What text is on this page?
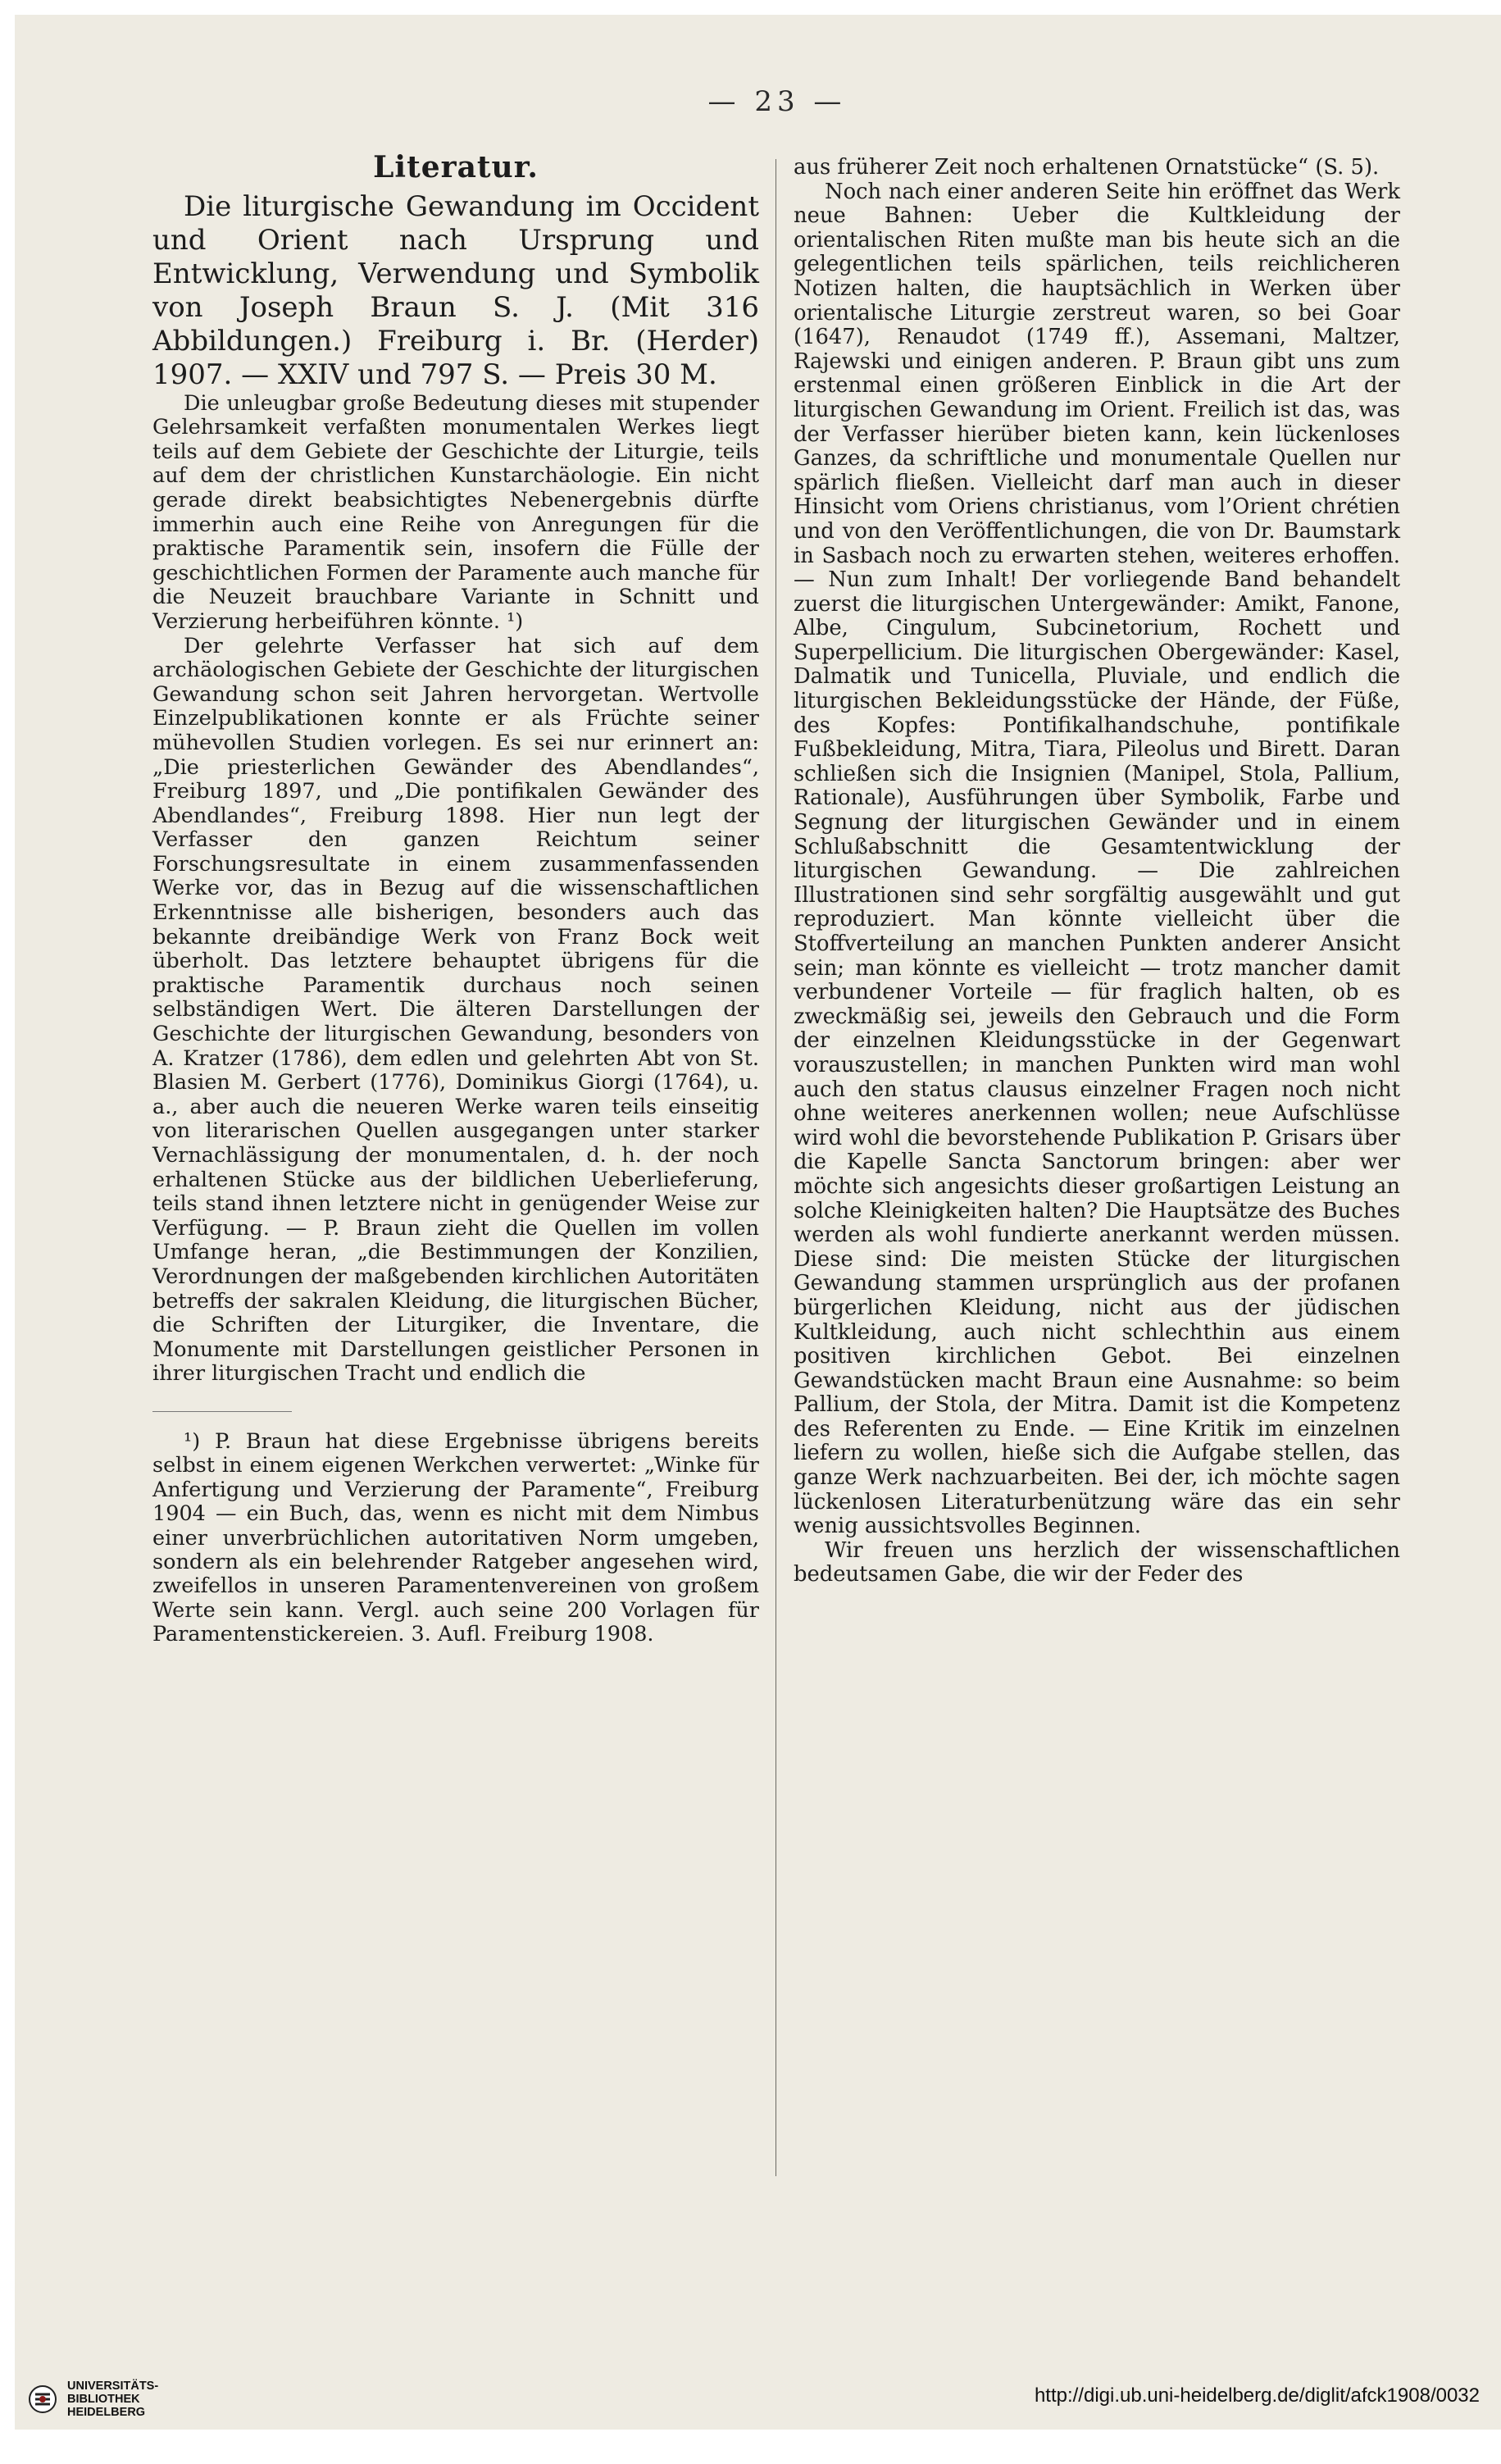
— 23 —
Literatur.

Die liturgische Gewandung im Occident und Orient nach Ursprung und Entwicklung, Verwendung und Symbolik von Joseph Braun S. J. (Mit 316 Abbildungen.) Freiburg i. Br. (Herder) 1907. — XXIV und 797 S. — Preis 30 M.

Die unleugbar große Bedeutung dieses mit stupender Gelehrsamkeit verfaßten monumentalen Werkes liegt teils auf dem Gebiete der Geschichte der Liturgie, teils auf dem der christlichen Kunstarchäologie. Ein nicht gerade direkt beabsichtigtes Nebenergebnis dürfte immerhin auch eine Reihe von Anregungen für die praktische Paramentik sein, insofern die Fülle der geschichtlichen Formen der Paramente auch manche für die Neuzeit brauchbare Variante in Schnitt und Verzierung herbeiführen könnte. ¹)

Der gelehrte Verfasser hat sich auf dem archäologischen Gebiete der Geschichte der liturgischen Gewandung schon seit Jahren hervorgetan. Wertvolle Einzelpublikationen konnte er als Früchte seiner mühevollen Studien vorlegen. Es sei nur erinnert an: „Die priesterlichen Gewänder des Abendlandes“, Freiburg 1897, und „Die pontifikalen Gewänder des Abendlandes“, Freiburg 1898. Hier nun legt der Verfasser den ganzen Reichtum seiner Forschungsresultate in einem zusammenfassenden Werke vor, das in Bezug auf die wissenschaftlichen Erkenntnisse alle bisherigen, besonders auch das bekannte dreibändige Werk von Franz Bock weit überholt. Das letztere behauptet übrigens für die praktische Paramentik durchaus noch seinen selbständigen Wert. Die älteren Darstellungen der Geschichte der liturgischen Gewandung, besonders von A. Kratzer (1786), dem edlen und gelehrten Abt von St. Blasien M. Gerbert (1776), Dominikus Giorgi (1764), u. a., aber auch die neueren Werke waren teils einseitig von literarischen Quellen ausgegangen unter starker Vernachlässigung der monumentalen, d. h. der noch erhaltenen Stücke aus der bildlichen Ueberlieferung, teils stand ihnen letztere nicht in genügender Weise zur Verfügung. — P. Braun zieht die Quellen im vollen Umfange heran, „die Bestimmungen der Konzilien, Verordnungen der maßgebenden kirchlichen Autoritäten betreffs der sakralen Kleidung, die liturgischen Bücher, die Schriften der Liturgiker, die Inventare, die Monumente mit Darstellungen geistlicher Personen in ihrer liturgischen Tracht und endlich die

¹) P. Braun hat diese Ergebnisse übrigens bereits selbst in einem eigenen Werkchen verwertet: „Winke für Anfertigung und Verzierung der Paramente“, Freiburg 1904 — ein Buch, das, wenn es nicht mit dem Nimbus einer unverbrüchlichen autoritativen Norm umgeben, sondern als ein belehrender Ratgeber angesehen wird, zweifellos in unseren Paramentenvereinen von großem Werte sein kann. Vergl. auch seine 200 Vorlagen für Paramentenstickereien. 3. Aufl. Freiburg 1908.

aus früherer Zeit noch erhaltenen Ornatstücke“ (S. 5).

Noch nach einer anderen Seite hin eröffnet das Werk neue Bahnen: Ueber die Kultkleidung der orientalischen Riten mußte man bis heute sich an die gelegentlichen teils spärlichen, teils reichlicheren Notizen halten, die hauptsächlich in Werken über orientalische Liturgie zerstreut waren, so bei Goar (1647), Renaudot (1749 ff.), Assemani, Maltzer, Rajewski und einigen anderen. P. Braun gibt uns zum erstenmal einen größeren Einblick in die Art der liturgischen Gewandung im Orient. Freilich ist das, was der Verfasser hierüber bieten kann, kein lückenloses Ganzes, da schriftliche und monumentale Quellen nur spärlich fließen. Vielleicht darf man auch in dieser Hinsicht vom Oriens christianus, vom l’Orient chrétien und von den Veröffentlichungen, die von Dr. Baumstark in Sasbach noch zu erwarten stehen, weiteres erhoffen. — Nun zum Inhalt! Der vorliegende Band behandelt zuerst die liturgischen Untergewänder: Amikt, Fanone, Albe, Cingulum, Subcinetorium, Rochett und Superpellicium. Die liturgischen Obergewänder: Kasel, Dalmatik und Tunicella, Pluviale, und endlich die liturgischen Bekleidungsstücke der Hände, der Füße, des Kopfes: Pontifikalhandschuhe, pontifikale Fußbekleidung, Mitra, Tiara, Pileolus und Birett. Daran schließen sich die Insignien (Manipel, Stola, Pallium, Rationale), Ausführungen über Symbolik, Farbe und Segnung der liturgischen Gewänder und in einem Schlußabschnitt die Gesamtentwicklung der liturgischen Gewandung. — Die zahlreichen Illustrationen sind sehr sorgfältig ausgewählt und gut reproduziert. Man könnte vielleicht über die Stoffverteilung an manchen Punkten anderer Ansicht sein; man könnte es vielleicht — trotz mancher damit verbundener Vorteile — für fraglich halten, ob es zweckmäßig sei, jeweils den Gebrauch und die Form der einzelnen Kleidungsstücke in der Gegenwart vorauszustellen; in manchen Punkten wird man wohl auch den status clausus einzelner Fragen noch nicht ohne weiteres anerkennen wollen; neue Aufschlüsse wird wohl die bevorstehende Publikation P. Grisars über die Kapelle Sancta Sanctorum bringen: aber wer möchte sich angesichts dieser großartigen Leistung an solche Kleinigkeiten halten? Die Hauptsätze des Buches werden als wohl fundierte anerkannt werden müssen. Diese sind: Die meisten Stücke der liturgischen Gewandung stammen ursprünglich aus der profanen bürgerlichen Kleidung, nicht aus der jüdischen Kultkleidung, auch nicht schlechthin aus einem positiven kirchlichen Gebot. Bei einzelnen Gewandstücken macht Braun eine Ausnahme: so beim Pallium, der Stola, der Mitra. Damit ist die Kompetenz des Referenten zu Ende. — Eine Kritik im einzelnen liefern zu wollen, hieße sich die Aufgabe stellen, das ganze Werk nachzuarbeiten. Bei der, ich möchte sagen lückenlosen Literaturbenützung wäre das ein sehr wenig aussichtsvolles Beginnen.

Wir freuen uns herzlich der wissenschaftlichen bedeutsamen Gabe, die wir der Feder des

UNIVERSITÄTS-
BIBLIOTHEK
HEIDELBERG
http://digi.ub.uni-heidelberg.de/diglit/afck1908/0032
